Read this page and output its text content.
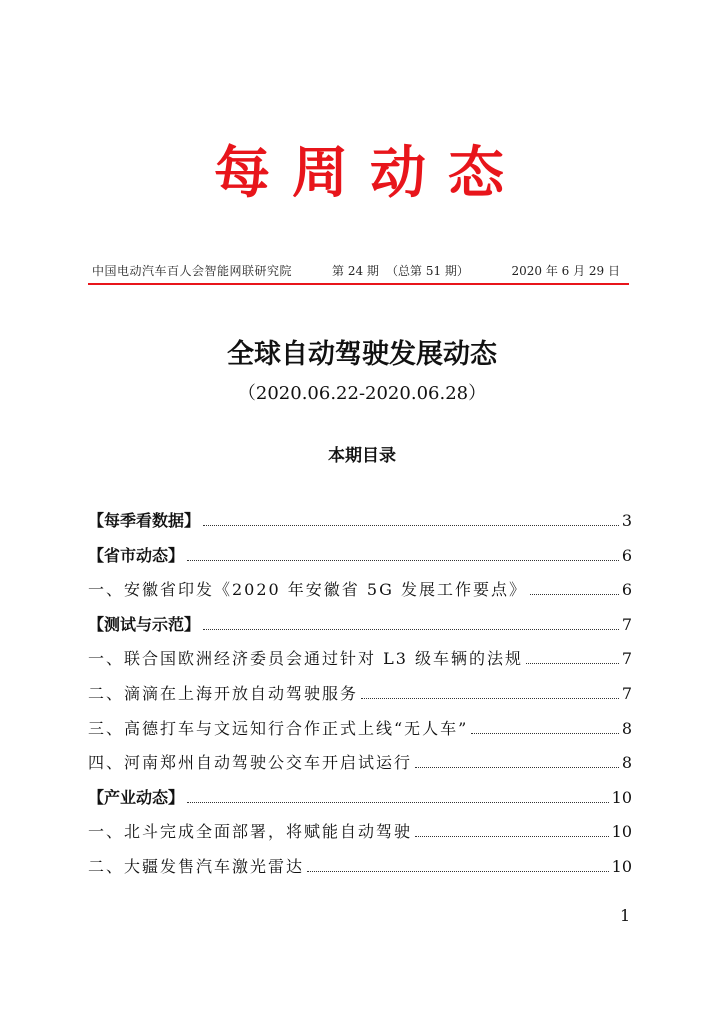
每周动态
中国电动汽车百人会智能网联研究院	第 24 期 （总第 51 期）	2020 年 6 月 29 日
全球自动驾驶发展动态
（2020.06.22-2020.06.28）
本期目录
【每季看数据】	3
【省市动态】	6
一、安徽省印发《2020 年安徽省 5G 发展工作要点》	6
【测试与示范】	7
一、联合国欧洲经济委员会通过针对 L3 级车辆的法规	7
二、滴滴在上海开放自动驾驶服务	7
三、高德打车与文远知行合作正式上线“无人车”	8
四、河南郑州自动驾驶公交车开启试运行	8
【产业动态】	10
一、北斗完成全面部署，将赋能自动驾驶	10
二、大疆发售汽车激光雷达	10
1
